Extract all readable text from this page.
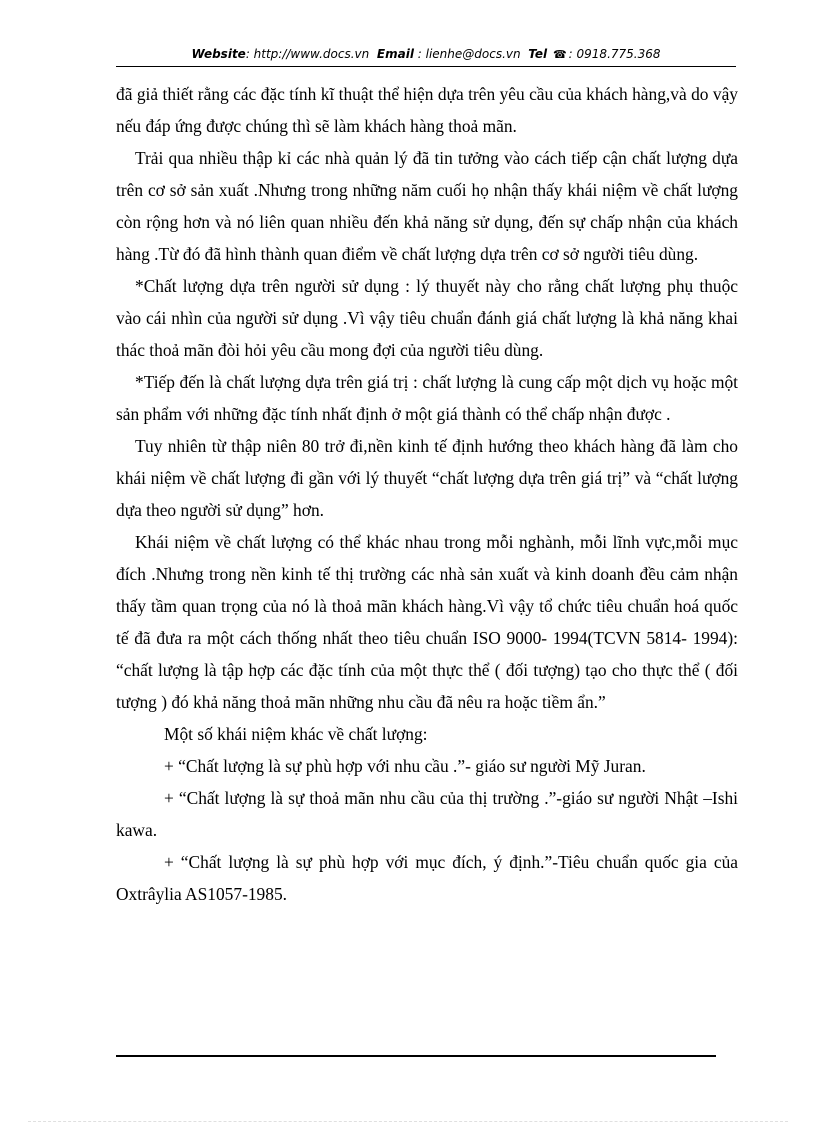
Website: http://www.docs.vn Email : lienhe@docs.vn Tel ☎ : 0918.775.368

đã giả thiết rằng các đặc tính kĩ thuật thể hiện dựa trên yêu cầu của khách hàng,và do vậy nếu đáp ứng được chúng thì sẽ làm khách hàng thoả mãn.

Trải qua nhiều thập kỉ các nhà quản lý đã tin tưởng vào cách tiếp cận chất lượng dựa trên cơ sở sản xuất .Nhưng trong những năm cuối họ nhận thấy khái niệm về chất lượng còn rộng hơn và nó liên quan nhiều đến khả năng sử dụng, đến sự chấp nhận của khách hàng .Từ đó đã hình thành quan điểm về chất lượng dựa trên cơ sở người tiêu dùng.

*Chất lượng dựa trên người sử dụng : lý thuyết này cho rằng chất lượng phụ thuộc vào cái nhìn của người sử dụng .Vì vậy tiêu chuẩn đánh giá chất lượng là khả năng khai thác thoả mãn đòi hỏi yêu cầu mong đợi của người tiêu dùng.

*Tiếp đến là chất lượng dựa trên giá trị : chất lượng là cung cấp một dịch vụ hoặc một sản phẩm với những đặc tính nhất định ở một giá thành có thể chấp nhận được .

Tuy nhiên từ thập niên 80 trở đi,nền kinh tế định hướng theo khách hàng đã làm cho khái niệm về chất lượng đi gần với lý thuyết “chất lượng dựa trên giá trị” và “chất lượng dựa theo người sử dụng” hơn.

Khái niệm về chất lượng có thể khác nhau trong mỗi nghành, mỗi lĩnh vực,mỗi mục đích .Nhưng trong nền kinh tế thị trường các nhà sản xuất và kinh doanh đều cảm nhận thấy tầm quan trọng của nó là thoả mãn khách hàng.Vì vậy tổ chức tiêu chuẩn hoá quốc tế đã đưa ra một cách thống nhất theo tiêu chuẩn ISO 9000- 1994(TCVN 5814- 1994): “chất lượng là tập hợp các đặc tính của một thực thể ( đối tượng) tạo cho thực thể ( đối tượng ) đó khả năng thoả mãn những nhu cầu đã nêu ra hoặc tiềm ẩn.”

Một số khái niệm khác về chất lượng:

+ “Chất lượng là sự phù hợp với nhu cầu .”- giáo sư người Mỹ Juran.

+ “Chất lượng là sự thoả mãn nhu cầu của thị trường .”-giáo sư người Nhật –Ishi kawa.

+ “Chất lượng là sự phù hợp với mục đích, ý định.”-Tiêu chuẩn quốc gia của Oxtrâylia AS1057-1985.
